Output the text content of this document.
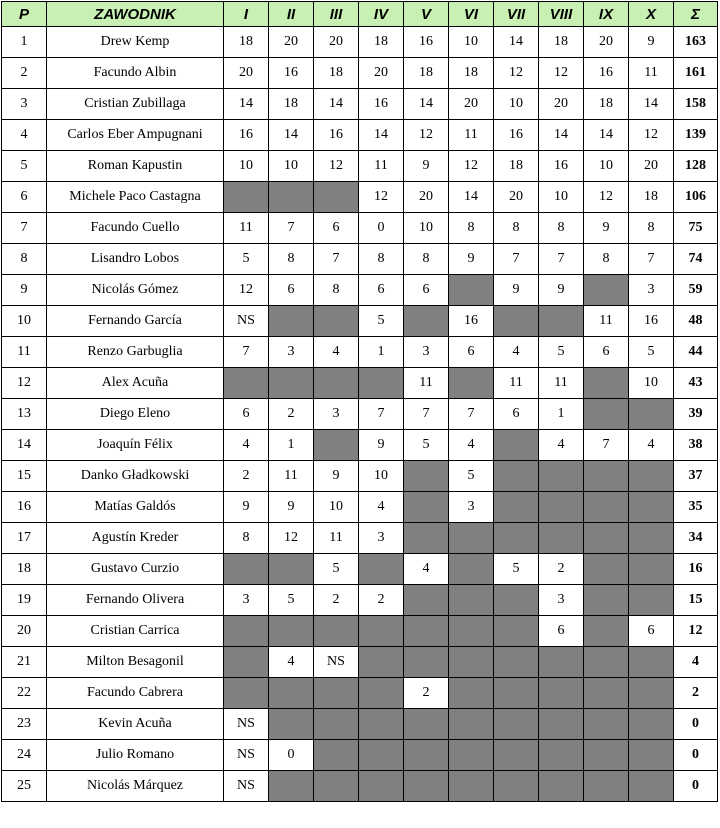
P	ZAWODNIK	I	II	III	IV	V	VI	VII	VIII	IX	X	Σ
1	Drew Kemp	18	20	20	18	16	10	14	18	20	9	163
2	Facundo Albin	20	16	18	20	18	18	12	12	16	11	161
3	Cristian Zubillaga	14	18	14	16	14	20	10	20	18	14	158
4	Carlos Eber Ampugnani	16	14	16	14	12	11	16	14	14	12	139
5	Roman Kapustin	10	10	12	11	9	12	18	16	10	20	128
6	Michele Paco Castagna				12	20	14	20	10	12	18	106
7	Facundo Cuello	11	7	6	0	10	8	8	8	9	8	75
8	Lisandro Lobos	5	8	7	8	8	9	7	7	8	7	74
9	Nicolás Gómez	12	6	8	6	6		9	9		3	59
10	Fernando García	NS			5		16			11	16	48
11	Renzo Garbuglia	7	3	4	1	3	6	4	5	6	5	44
12	Alex Acuña					11		11	11		10	43
13	Diego Eleno	6	2	3	7	7	7	6	1			39
14	Joaquín Félix	4	1		9	5	4		4	7	4	38
15	Danko Gładkowski	2	11	9	10		5					37
16	Matías Galdós	9	9	10	4		3					35
17	Agustín Kreder	8	12	11	3							34
18	Gustavo Curzio			5		4		5	2			16
19	Fernando Olivera	3	5	2	2				3			15
20	Cristian Carrica								6		6	12
21	Milton Besagonil		4	NS								4
22	Facundo Cabrera					2						2
23	Kevin Acuña	NS										0
24	Julio Romano	NS	0									0
25	Nicolás Márquez	NS										0
